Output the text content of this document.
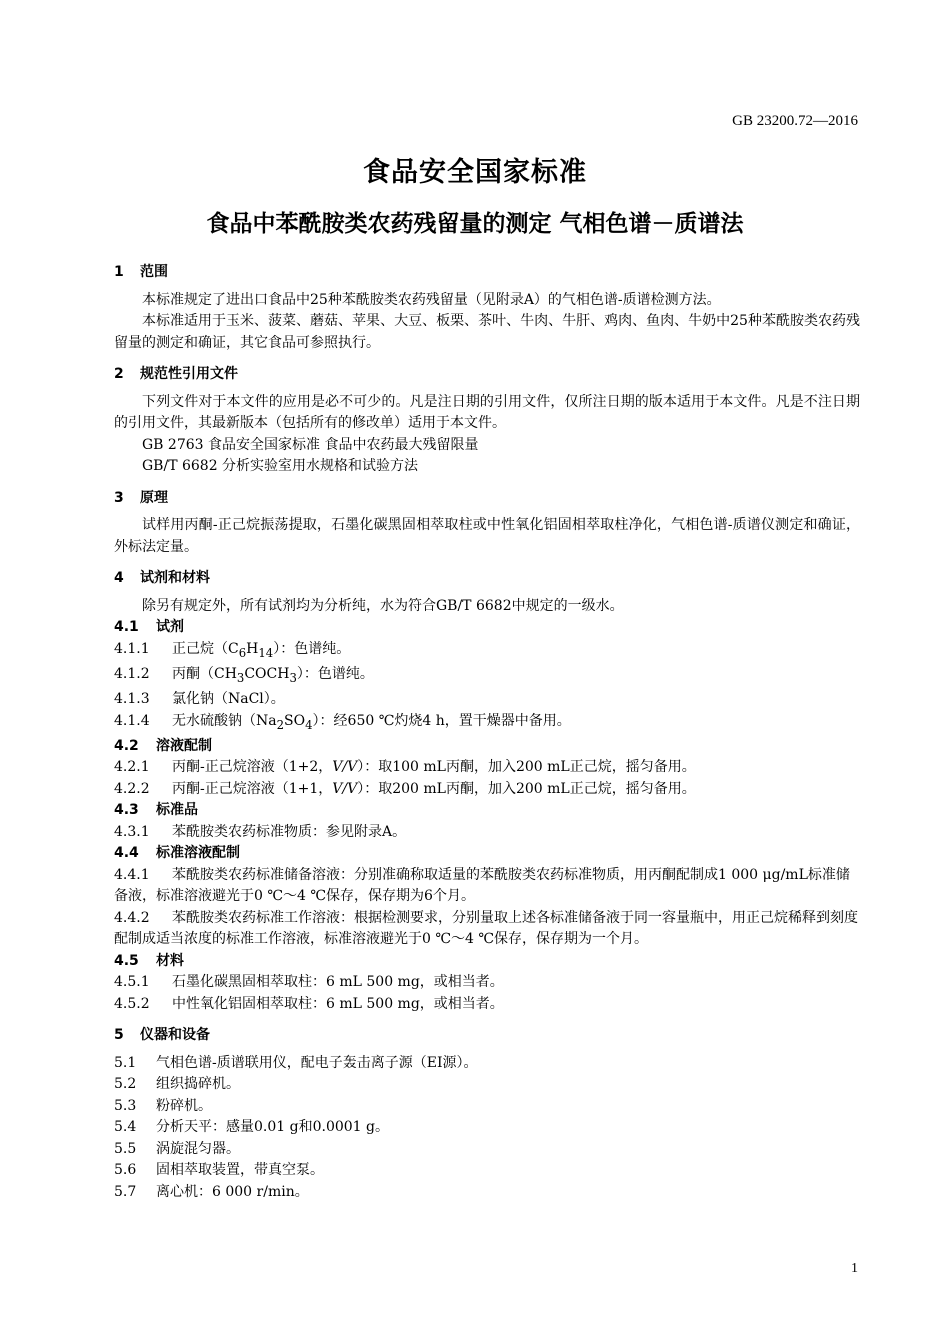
GB 23200.72—2016
食品安全国家标准
食品中苯酰胺类农药残留量的测定 气相色谱－质谱法
1 范围
本标准规定了进出口食品中25种苯酰胺类农药残留量（见附录A）的气相色谱-质谱检测方法。
本标准适用于玉米、菠菜、蘑菇、苹果、大豆、板栗、茶叶、牛肉、牛肝、鸡肉、鱼肉、牛奶中25种苯酰胺类农药残留量的测定和确证，其它食品可参照执行。
2 规范性引用文件
下列文件对于本文件的应用是必不可少的。凡是注日期的引用文件，仅所注日期的版本适用于本文件。凡是不注日期的引用文件，其最新版本（包括所有的修改单）适用于本文件。
GB 2763 食品安全国家标准 食品中农药最大残留限量
GB/T 6682 分析实验室用水规格和试验方法
3 原理
试样用丙酮-正己烷振荡提取，石墨化碳黑固相萃取柱或中性氧化铝固相萃取柱净化，气相色谱-质谱仪测定和确证，外标法定量。
4 试剂和材料
除另有规定外，所有试剂均为分析纯，水为符合GB/T 6682中规定的一级水。
4.1 试剂
4.1.1 正己烷$(C_6H_{14})$：色谱纯。
4.1.2 丙酮$(CH_3COCH_3)$：色谱纯。
4.1.3 氯化钠（NaCl）。
4.1.4 无水硫酸钠$(Na_2SO_4)$：经650 ℃灼烧4 h，置干燥器中备用。
4.2 溶液配制
4.2.1 丙酮-正己烷溶液（1+2，V/V）：取100 mL丙酮，加入200 mL正己烷，摇匀备用。
4.2.2 丙酮-正己烷溶液（1+1，V/V）：取200 mL丙酮，加入200 mL正己烷，摇匀备用。
4.3 标准品
4.3.1 苯酰胺类农药标准物质：参见附录A。
4.4 标准溶液配制
4.4.1 苯酰胺类农药标准储备溶液：分别准确称取适量的苯酰胺类农药标准物质，用丙酮配制成1 000 μg/mL标准储备液，标准溶液避光于0 ℃～4 ℃保存，保存期为6个月。
4.4.2 苯酰胺类农药标准工作溶液：根据检测要求，分别量取上述各标准储备液于同一容量瓶中，用正己烷稀释到刻度配制成适当浓度的标准工作溶液，标准溶液避光于0 ℃～4 ℃保存，保存期为一个月。
4.5 材料
4.5.1 石墨化碳黑固相萃取柱：6 mL 500 mg，或相当者。
4.5.2 中性氧化铝固相萃取柱：6 mL 500 mg，或相当者。
5 仪器和设备
5.1 气相色谱-质谱联用仪，配电子轰击离子源（EI源）。
5.2 组织捣碎机。
5.3 粉碎机。
5.4 分析天平：感量0.01 g和0.0001 g。
5.5 涡旋混匀器。
5.6 固相萃取装置，带真空泵。
5.7 离心机：6 000 r/min。
1
